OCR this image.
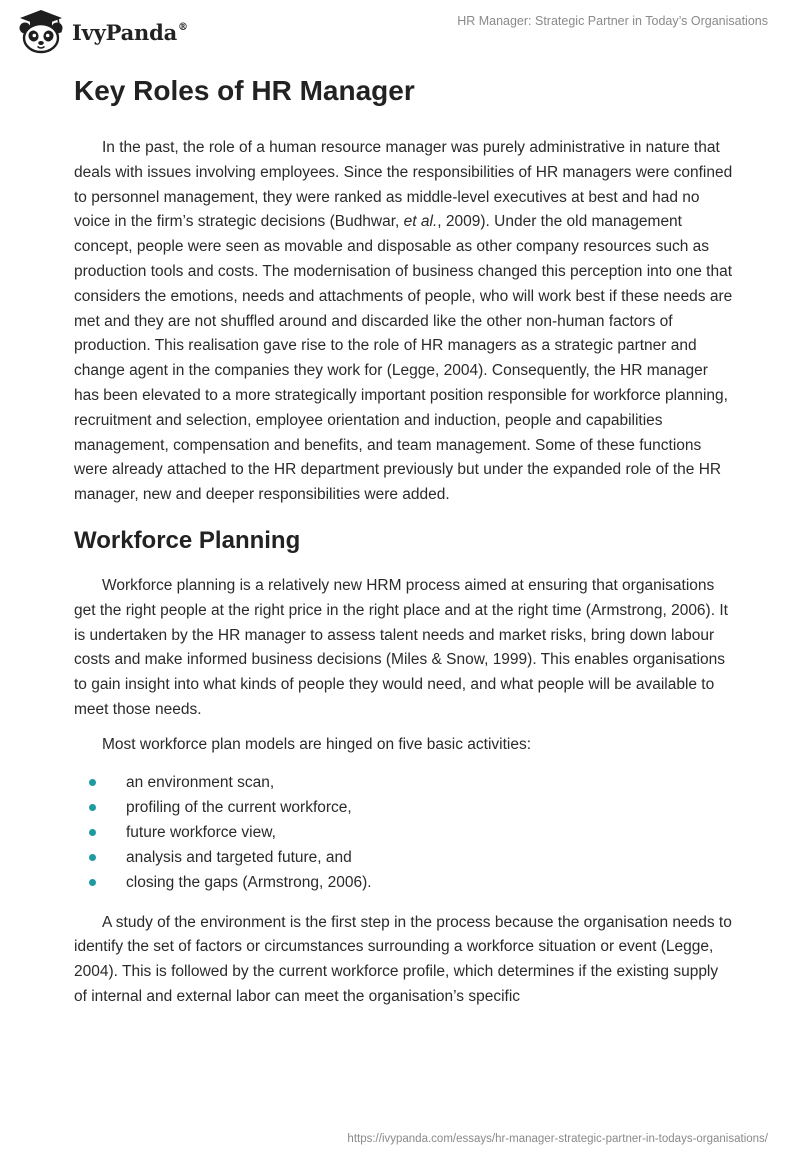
IvyPanda®	HR Manager: Strategic Partner in Today’s Organisations
Key Roles of HR Manager

In the past, the role of a human resource manager was purely administrative in nature that deals with issues involving employees. Since the responsibilities of HR managers were confined to personnel management, they were ranked as middle-level executives at best and had no voice in the firm’s strategic decisions (Budhwar, et al., 2009). Under the old management concept, people were seen as movable and disposable as other company resources such as production tools and costs. The modernisation of business changed this perception into one that considers the emotions, needs and attachments of people, who will work best if these needs are met and they are not shuffled around and discarded like the other non-human factors of production. This realisation gave rise to the role of HR managers as a strategic partner and change agent in the companies they work for (Legge, 2004). Consequently, the HR manager has been elevated to a more strategically important position responsible for workforce planning, recruitment and selection, employee orientation and induction, people and capabilities management, compensation and benefits, and team management. Some of these functions were already attached to the HR department previously but under the expanded role of the HR manager, new and deeper responsibilities were added.

Workforce Planning

Workforce planning is a relatively new HRM process aimed at ensuring that organisations get the right people at the right price in the right place and at the right time (Armstrong, 2006). It is undertaken by the HR manager to assess talent needs and market risks, bring down labour costs and make informed business decisions (Miles & Snow, 1999). This enables organisations to gain insight into what kinds of people they would need, and what people will be available to meet those needs.

Most workforce plan models are hinged on five basic activities:

an environment scan,
profiling of the current workforce,
future workforce view,
analysis and targeted future, and
closing the gaps (Armstrong, 2006).

A study of the environment is the first step in the process because the organisation needs to identify the set of factors or circumstances surrounding a workforce situation or event (Legge, 2004). This is followed by the current workforce profile, which determines if the existing supply of internal and external labor can meet the organisation’s specific

https://ivypanda.com/essays/hr-manager-strategic-partner-in-todays-organisations/
